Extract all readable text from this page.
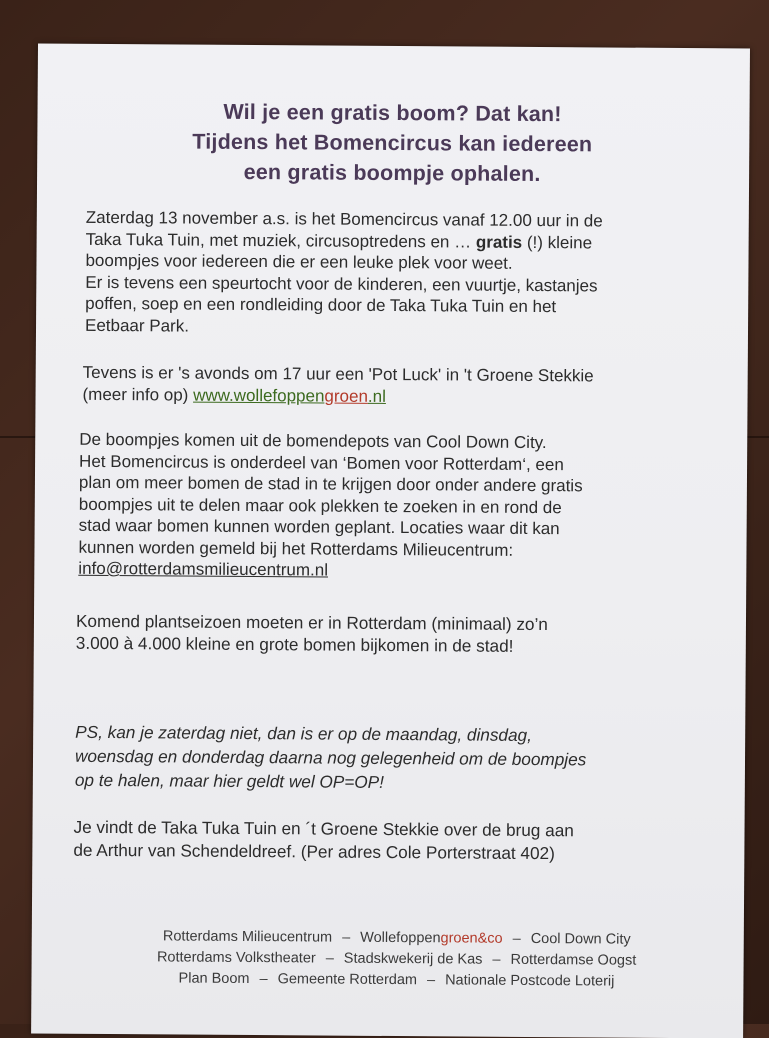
Wil je een gratis boom? Dat kan!
Tijdens het Bomencircus kan iedereen
een gratis boompje ophalen.
Zaterdag 13 november a.s. is het Bomencircus vanaf 12.00 uur in de
Taka Tuka Tuin, met muziek, circusoptredens en … gratis (!) kleine
boompjes voor iedereen die er een leuke plek voor weet.
Er is tevens een speurtocht voor de kinderen, een vuurtje, kastanjes
poffen, soep en een rondleiding door de Taka Tuka Tuin en het
Eetbaar Park.
Tevens is er 's avonds om 17 uur een 'Pot Luck' in 't Groene Stekkie
(meer info op) www.wollefoppengroen.nl
De boompjes komen uit de bomendepots van Cool Down City.
Het Bomencircus is onderdeel van ‘Bomen voor Rotterdam‘, een
plan om meer bomen de stad in te krijgen door onder andere gratis
boompjes uit te delen maar ook plekken te zoeken in en rond de
stad waar bomen kunnen worden geplant. Locaties waar dit kan
kunnen worden gemeld bij het Rotterdams Milieucentrum:
info@rotterdamsmilieucentrum.nl
Komend plantseizoen moeten er in Rotterdam (minimaal) zo’n
3.000 à 4.000 kleine en grote bomen bijkomen in de stad!
PS, kan je zaterdag niet, dan is er op de maandag, dinsdag,
woensdag en donderdag daarna nog gelegenheid om de boompjes
op te halen, maar hier geldt wel OP=OP!
Je vindt de Taka Tuka Tuin en ´t Groene Stekkie over de brug aan
de Arthur van Schendeldreef. (Per adres Cole Porterstraat 402)
Rotterdams Milieucentrum – Wollefoppengroen&co – Cool Down City
Rotterdams Volkstheater – Stadskwekerij de Kas – Rotterdamse Oogst
Plan Boom – Gemeente Rotterdam – Nationale Postcode Loterij
